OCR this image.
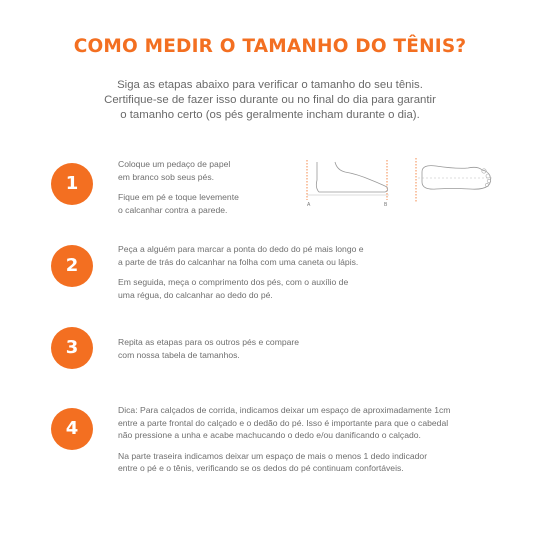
COMO MEDIR O TAMANHO DO TÊNIS?
Siga as etapas abaixo para verificar o tamanho do seu tênis.
Certifique-se de fazer isso durante ou no final do dia para garantir
o tamanho certo (os pés geralmente incham durante o dia).
1

Coloque um pedaço de papel
em branco sob seus pés.

Fique em pé e toque levemente
o calcanhar contra a parede.	A	B
2

Peça a alguém para marcar a ponta do dedo do pé mais longo e
a parte de trás do calcanhar na folha com uma caneta ou lápis.

Em seguida, meça o comprimento dos pés, com o auxílio de
uma régua, do calcanhar ao dedo do pé.

3	Repita as etapas para os outros pés e compare
com nossa tabela de tamanhos.

4

Dica: Para calçados de corrida, indicamos deixar um espaço de aproximadamente 1cm
entre a parte frontal do calçado e o dedão do pé. Isso é importante para que o cabedal
não pressione a unha e acabe machucando o dedo e/ou danificando o calçado.

Na parte traseira indicamos deixar um espaço de mais o menos 1 dedo indicador
entre o pé e o tênis, verificando se os dedos do pé continuam confortáveis.
